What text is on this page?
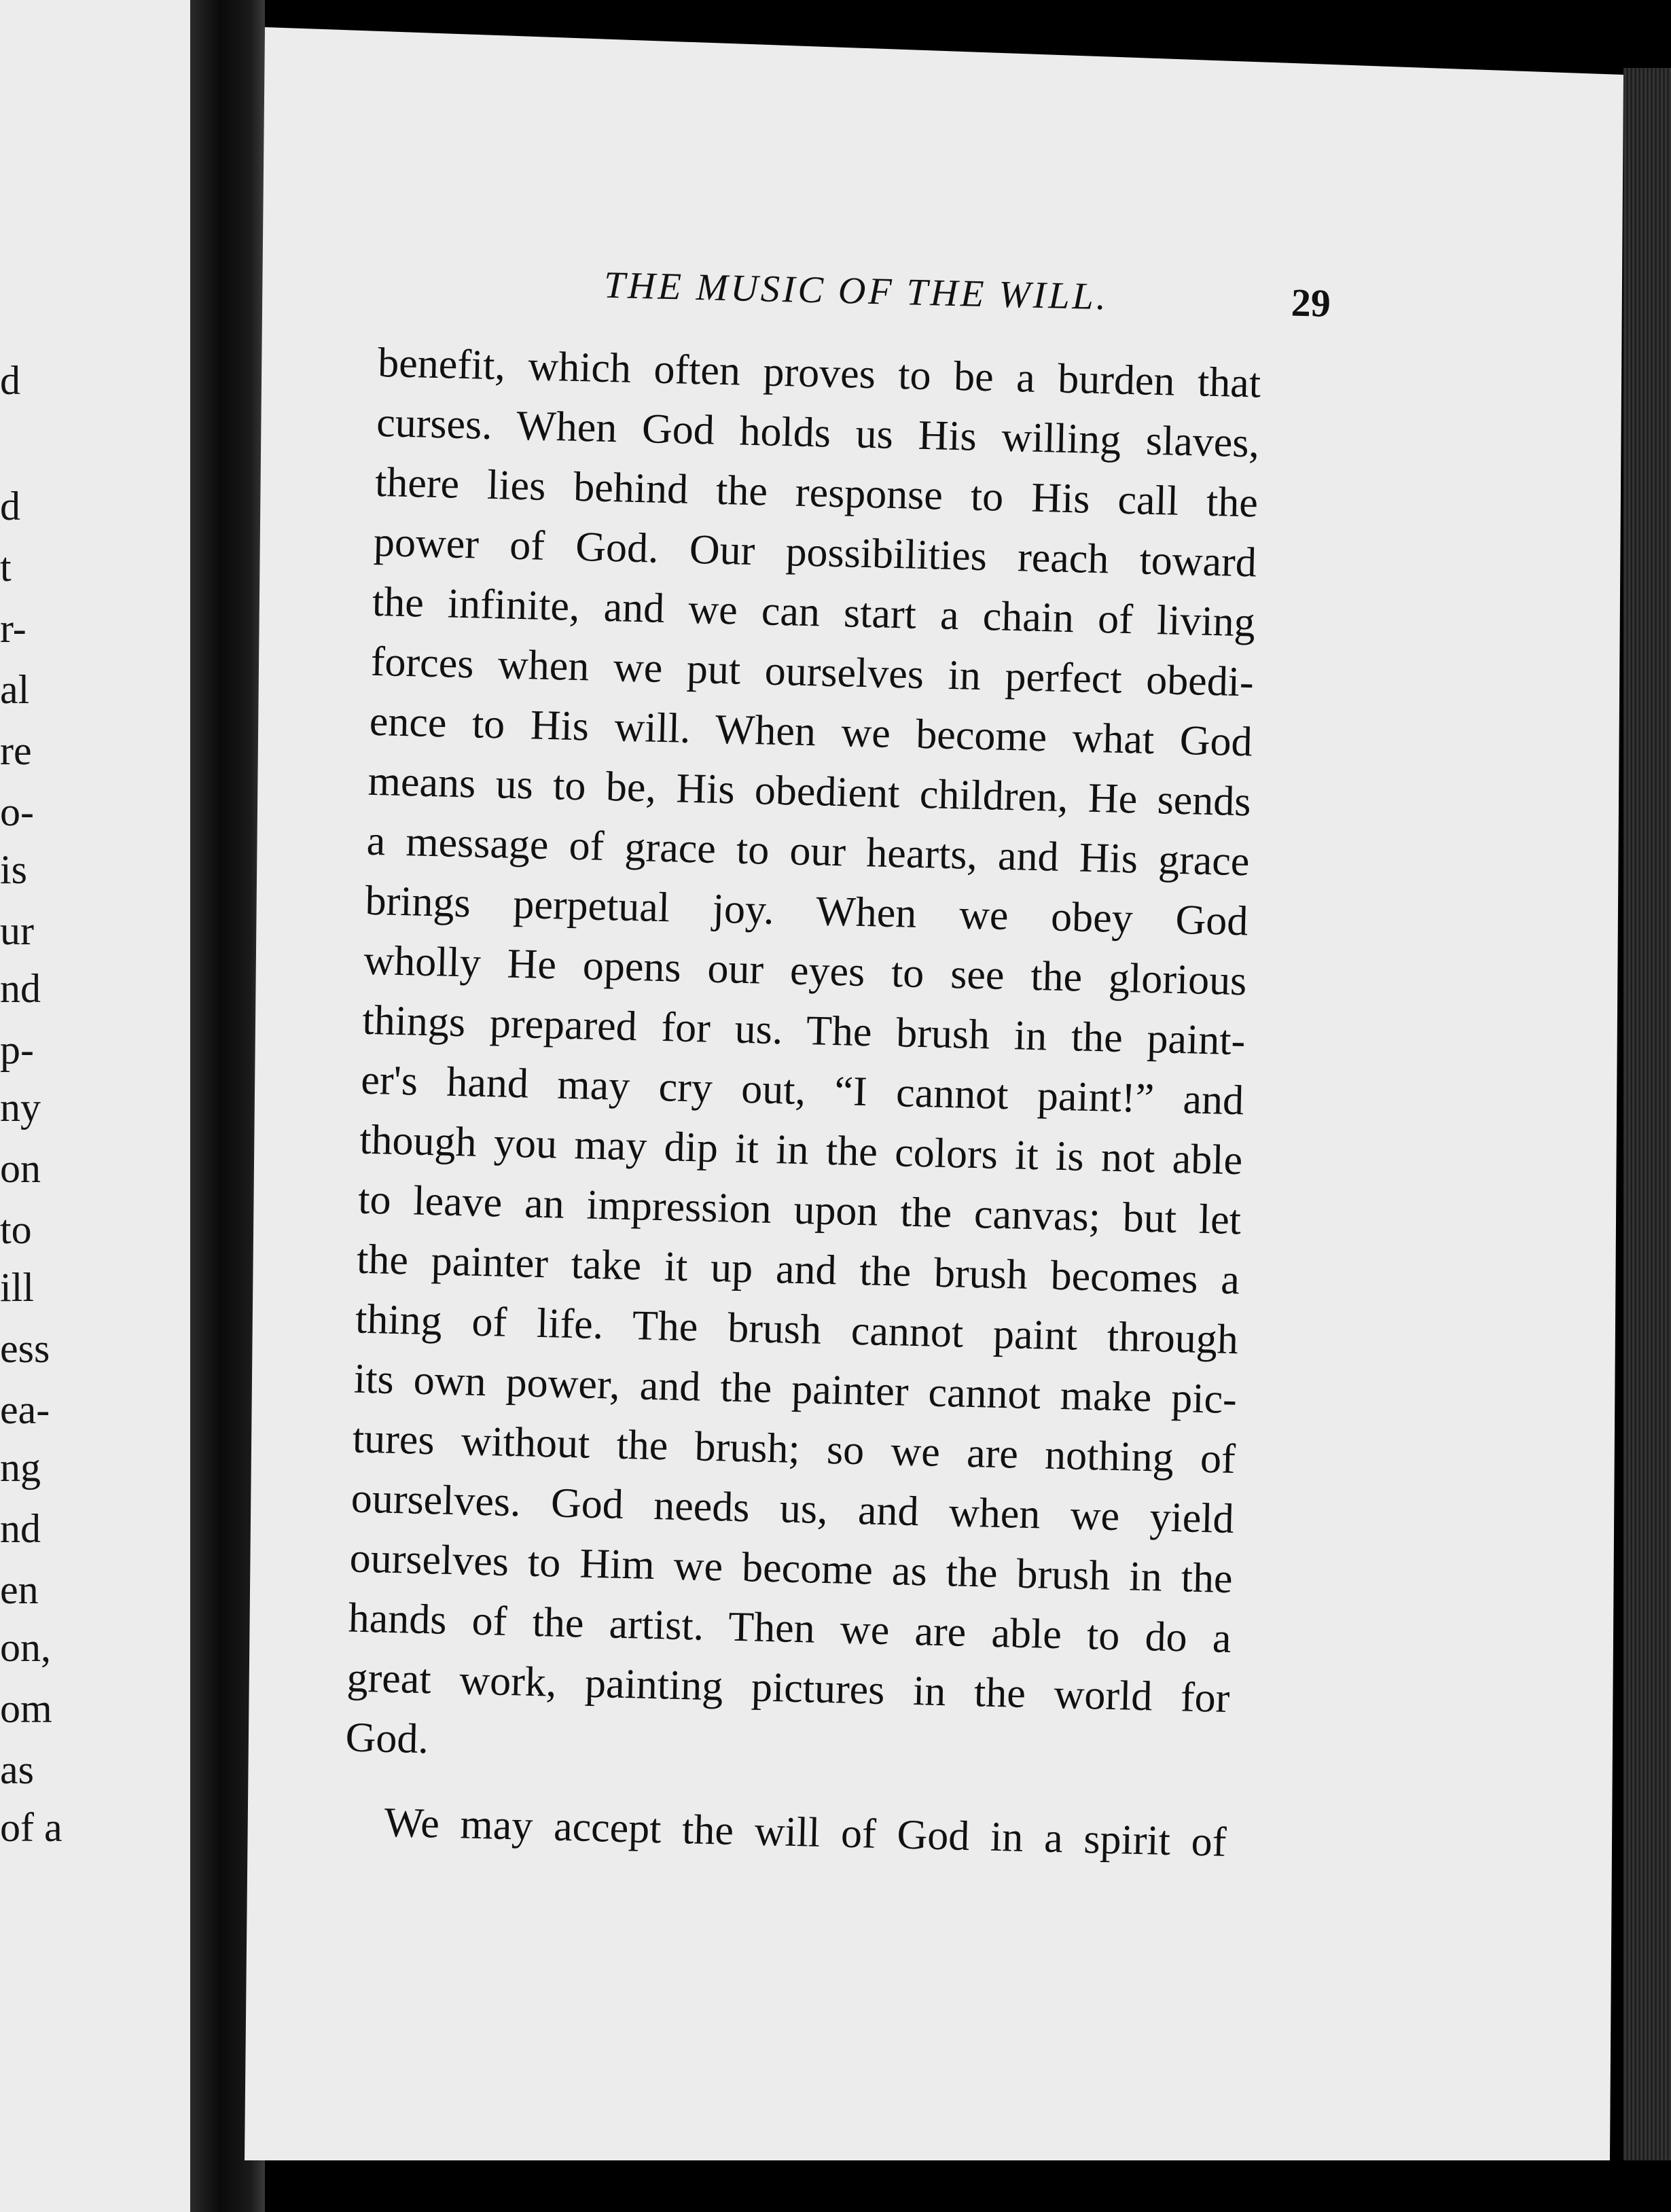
d
d
t
r-
al
re
o-
is
ur
nd
p-
ny
on
to
ill
ess
ea-
ng
nd
en
on,
om
as
of a
THE MUSIC OF THE WILL.	29
benefit, which often proves to be a burden that
curses. When God holds us His willing slaves,
there lies behind the response to His call the
power of God. Our possibilities reach toward
the infinite, and we can start a chain of living
forces when we put ourselves in perfect obedi-
ence to His will. When we become what God
means us to be, His obedient children, He sends
a message of grace to our hearts, and His grace
brings perpetual joy. When we obey God
wholly He opens our eyes to see the glorious
things prepared for us. The brush in the paint-
er's hand may cry out, “I cannot paint!” and
though you may dip it in the colors it is not able
to leave an impression upon the canvas; but let
the painter take it up and the brush becomes a
thing of life. The brush cannot paint through
its own power, and the painter cannot make pic-
tures without the brush; so we are nothing of
ourselves. God needs us, and when we yield
ourselves to Him we become as the brush in the
hands of the artist. Then we are able to do a
great work, painting pictures in the world for
God.
We may accept the will of God in a spirit of
